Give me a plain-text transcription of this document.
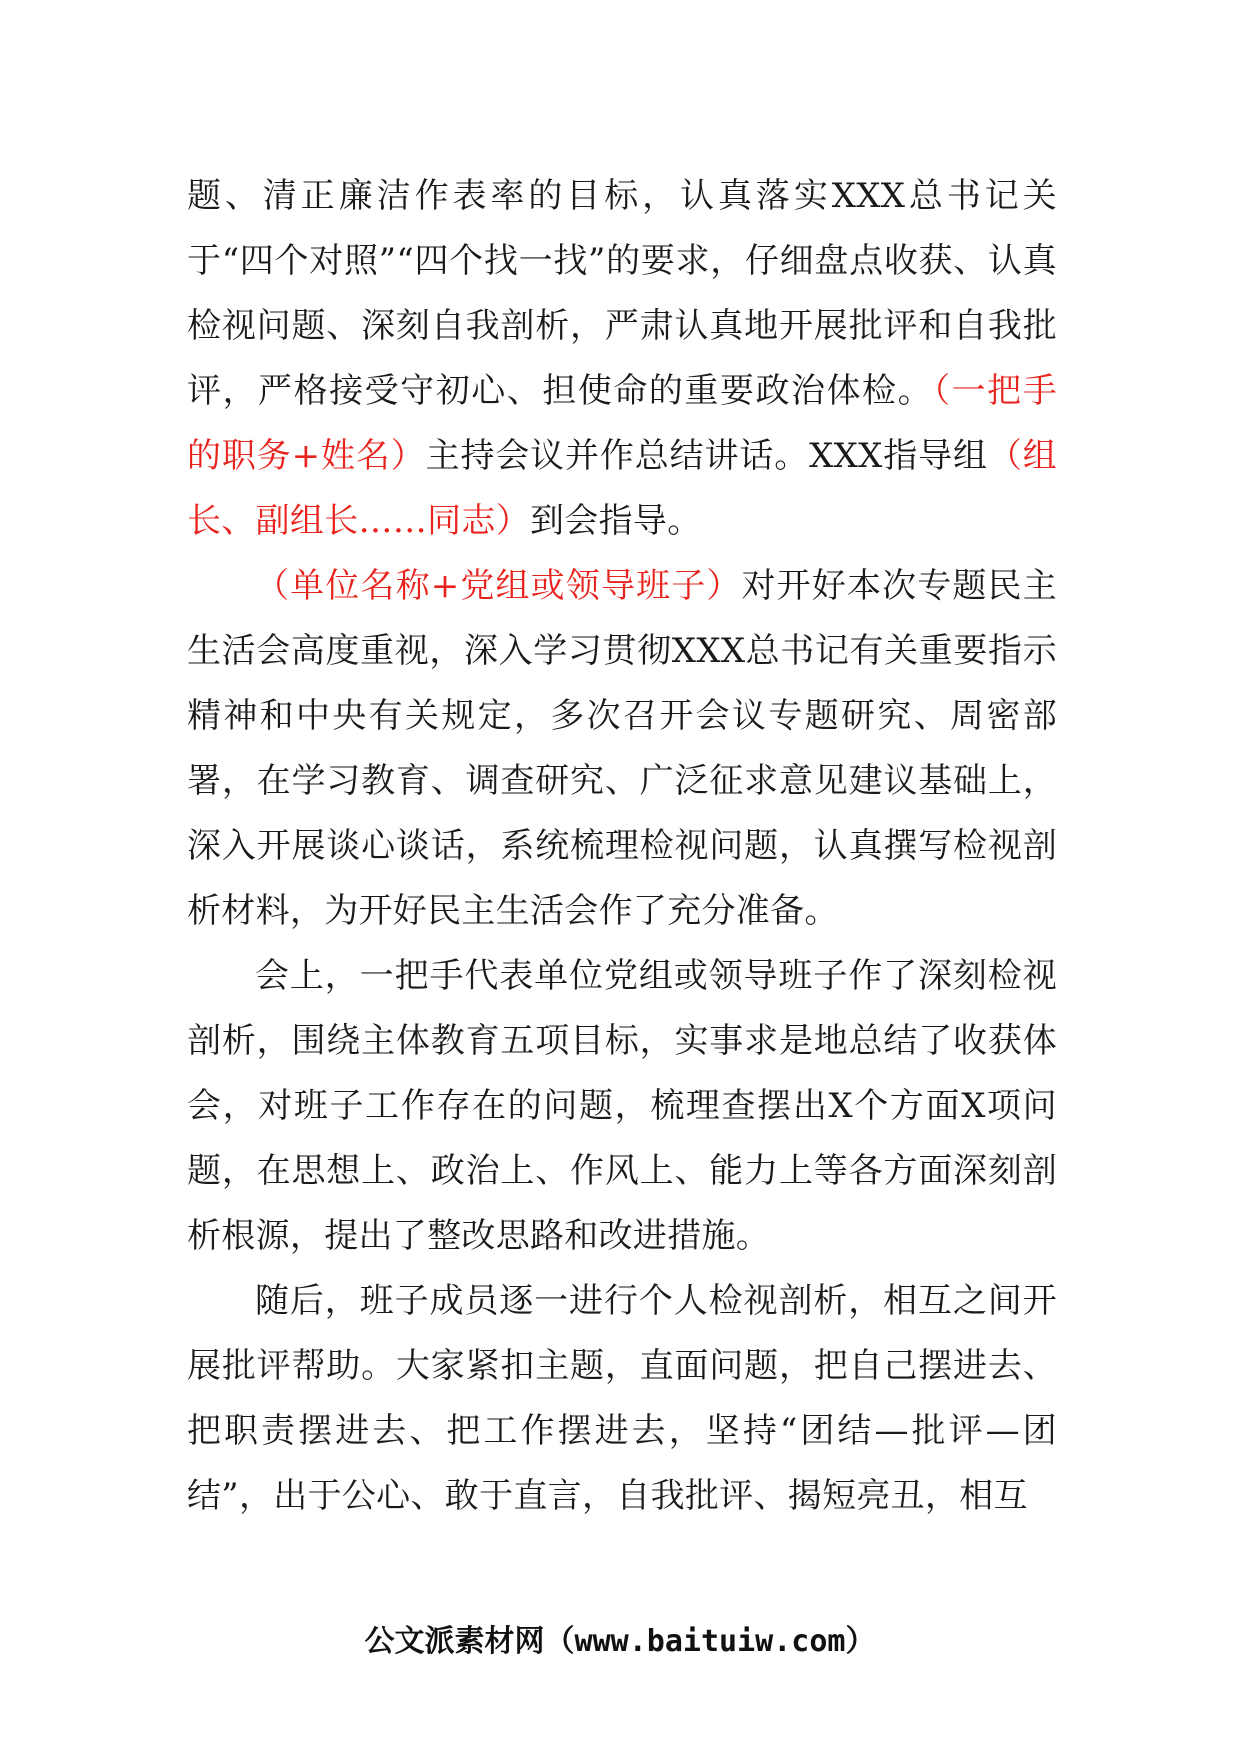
题、清正廉洁作表率的目标，认真落实XXX总书记关于“四个对照”“四个找一找”的要求，仔细盘点收获、认真检视问题、深刻自我剖析，严肃认真地开展批评和自我批评，严格接受守初心、担使命的重要政治体检。（一把手的职务+姓名）主持会议并作总结讲话。XXX指导组（组长、副组长……同志）到会指导。

（单位名称+党组或领导班子）对开好本次专题民主生活会高度重视，深入学习贯彻XXX总书记有关重要指示精神和中央有关规定，多次召开会议专题研究、周密部署，在学习教育、调查研究、广泛征求意见建议基础上，深入开展谈心谈话，系统梳理检视问题，认真撰写检视剖析材料，为开好民主生活会作了充分准备。

会上，一把手代表单位党组或领导班子作了深刻检视剖析，围绕主体教育五项目标，实事求是地总结了收获体会，对班子工作存在的问题，梳理查摆出X个方面X项问题，在思想上、政治上、作风上、能力上等各方面深刻剖析根源，提出了整改思路和改进措施。

随后，班子成员逐一进行个人检视剖析，相互之间开展批评帮助。大家紧扣主题，直面问题，把自己摆进去、把职责摆进去、把工作摆进去，坚持“团结—批评—团结”，出于公心、敢于直言，自我批评、揭短亮丑，相互

公文派素材网（www.baituiw.com）
